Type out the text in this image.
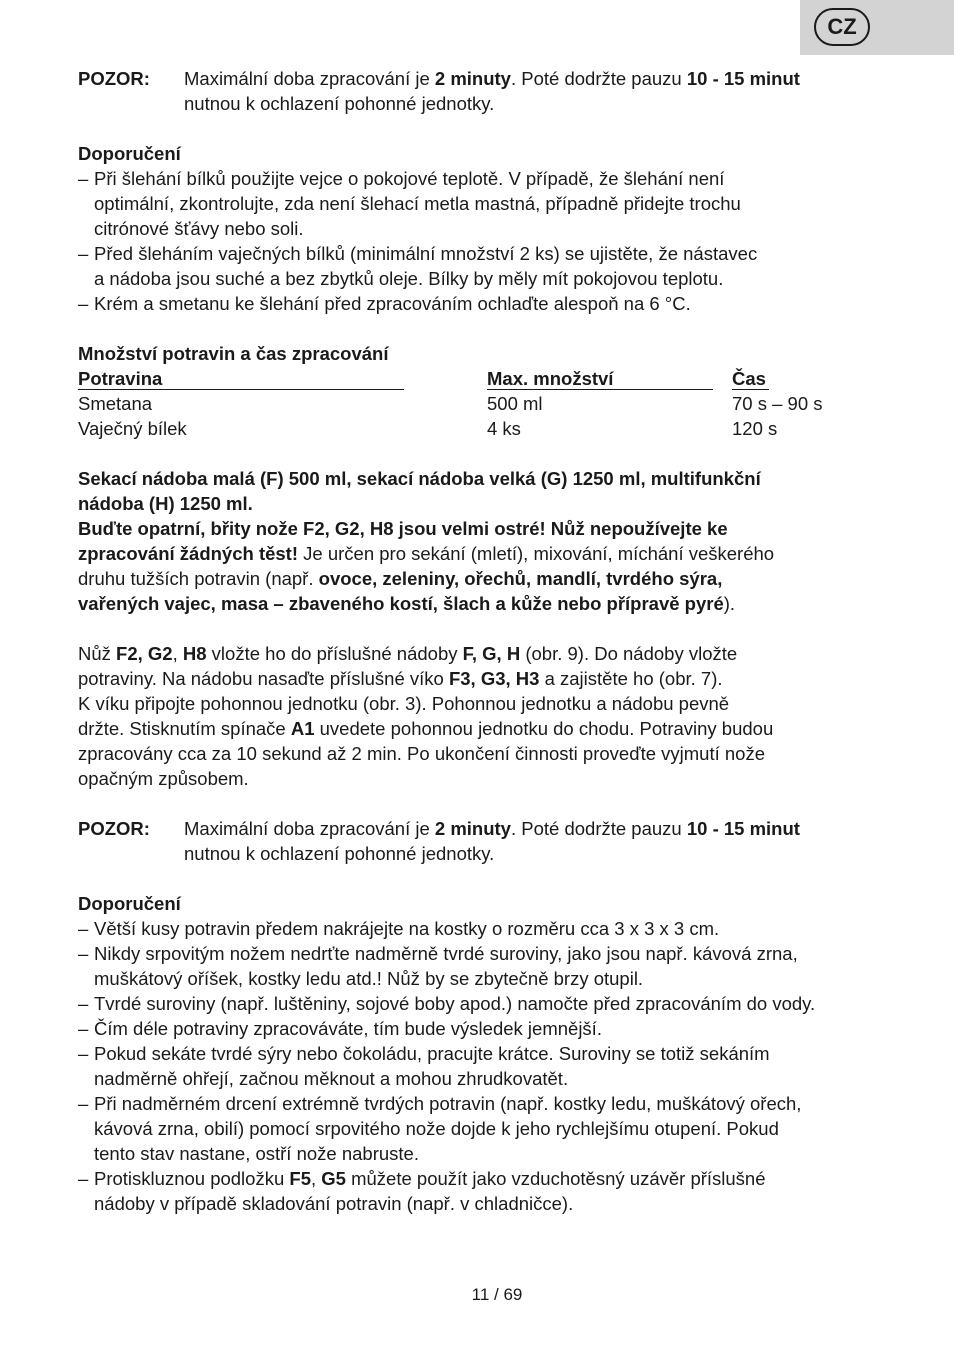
CZ
POZOR: Maximální doba zpracování je 2 minuty. Poté dodržte pauzu 10 - 15 minut
nutnou k ochlazení pohonné jednotky.
Doporučení
– Při šlehání bílků použijte vejce o pokojové teplotě. V případě, že šlehání není
optimální, zkontrolujte, zda není šlehací metla mastná, případně přidejte trochu
citrónové šťávy nebo soli.
– Před šleháním vaječných bílků (minimální množství 2 ks) se ujistěte, že nástavec
a nádoba jsou suché a bez zbytků oleje. Bílky by měly mít pokojovou teplotu.
– Krém a smetanu ke šlehání před zpracováním ochlaďte alespoň na 6 °C.
Množství potravin a čas zpracování
Potravina	Max. množství	Čas
Smetana	500 ml	70 s – 90 s
Vaječný bílek	4 ks	120 s
Sekací nádoba malá (F) 500 ml, sekací nádoba velká (G) 1250 ml, multifunkční
nádoba (H) 1250 ml.
Buďte opatrní, břity nože F2, G2, H8 jsou velmi ostré! Nůž nepoužívejte ke
zpracování žádných těst! Je určen pro sekání (mletí), mixování, míchání veškerého
druhu tužších potravin (např. ovoce, zeleniny, ořechů, mandlí, tvrdého sýra,
vařených vajec, masa – zbaveného kostí, šlach a kůže nebo přípravě pyré).
Nůž F2, G2, H8 vložte ho do příslušné nádoby F, G, H (obr. 9). Do nádoby vložte
potraviny. Na nádobu nasaďte příslušné víko F3, G3, H3 a zajistěte ho (obr. 7).
K víku připojte pohonnou jednotku (obr. 3). Pohonnou jednotku a nádobu pevně
držte. Stisknutím spínače A1 uvedete pohonnou jednotku do chodu. Potraviny budou
zpracovány cca za 10 sekund až 2 min. Po ukončení činnosti proveďte vyjmutí nože
opačným způsobem.
POZOR: Maximální doba zpracování je 2 minuty. Poté dodržte pauzu 10 - 15 minut
nutnou k ochlazení pohonné jednotky.
Doporučení
– Větší kusy potravin předem nakrájejte na kostky o rozměru cca 3 x 3 x 3 cm.
– Nikdy srpovitým nožem nedrťte nadměrně tvrdé suroviny, jako jsou např. kávová zrna,
muškátový oříšek, kostky ledu atd.! Nůž by se zbytečně brzy otupil.
– Tvrdé suroviny (např. luštěniny, sojové boby apod.) namočte před zpracováním do vody.
– Čím déle potraviny zpracováváte, tím bude výsledek jemnější.
– Pokud sekáte tvrdé sýry nebo čokoládu, pracujte krátce. Suroviny se totiž sekáním
nadměrně ohřejí, začnou měknout a mohou zhrudkovatět.
– Při nadměrném drcení extrémně tvrdých potravin (např. kostky ledu, muškátový ořech,
kávová zrna, obilí) pomocí srpovitého nože dojde k jeho rychlejšímu otupení. Pokud
tento stav nastane, ostří nože nabruste.
– Protiskluznou podložku F5, G5 můžete použít jako vzduchotěsný uzávěr příslušné
nádoby v případě skladování potravin (např. v chladničce).
11 / 69
